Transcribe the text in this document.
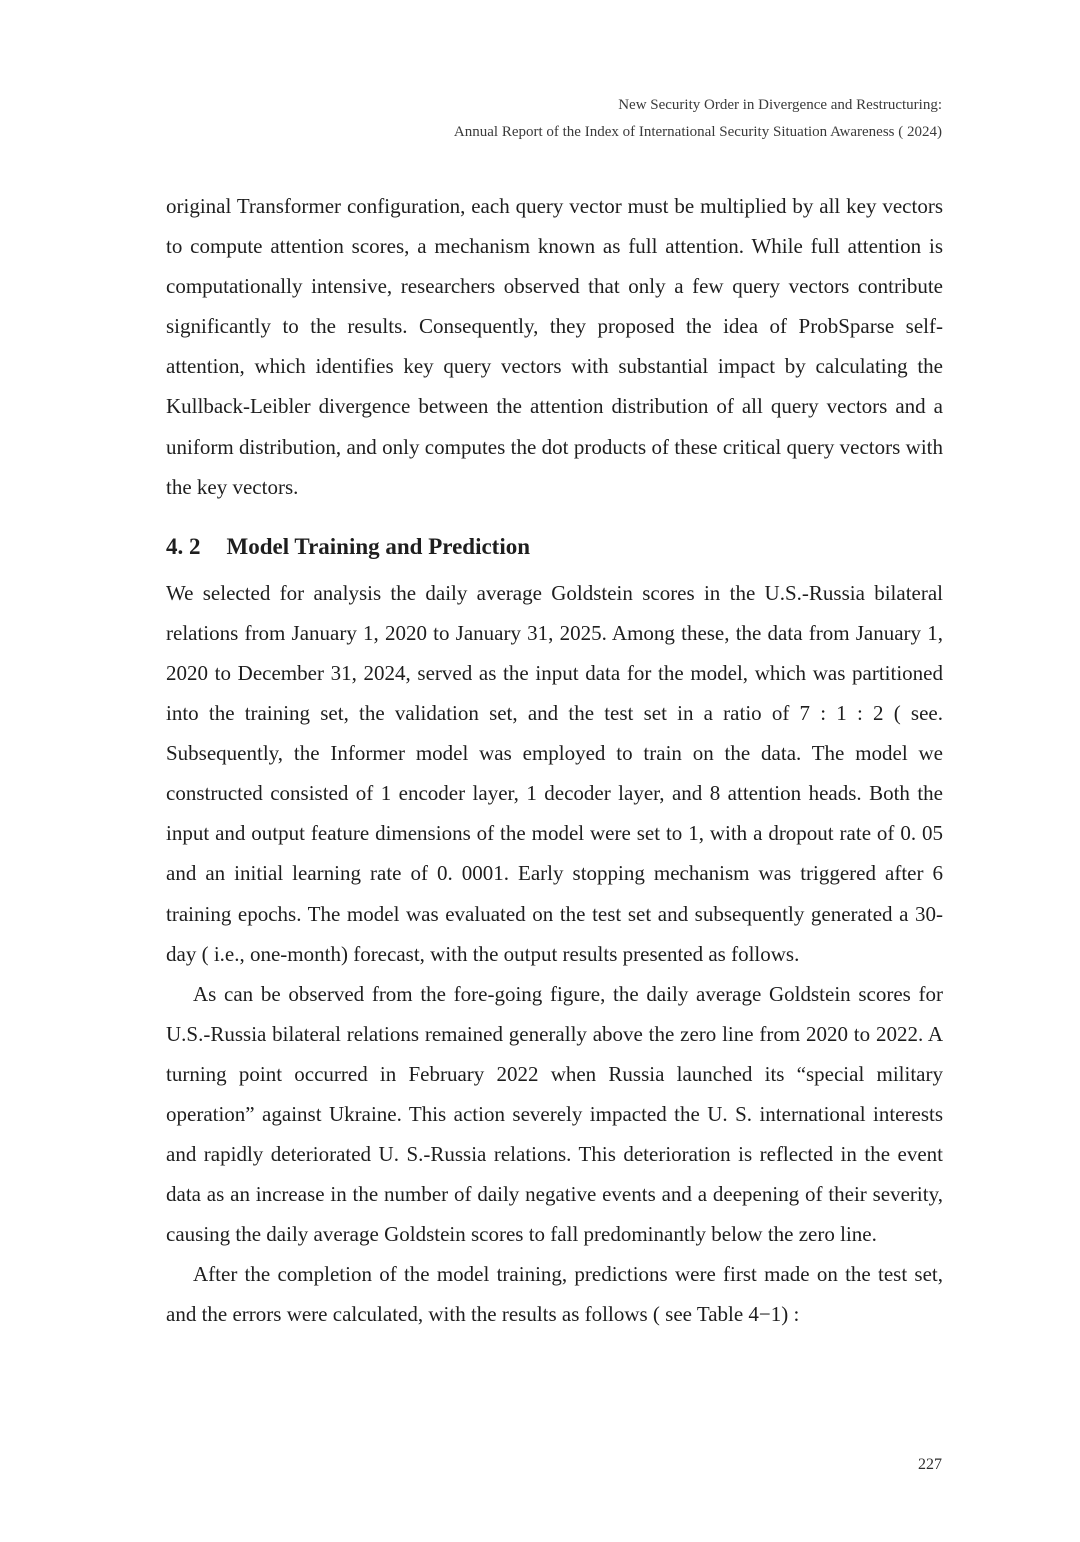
New Security Order in Divergence and Restructuring:
Annual Report of the Index of International Security Situation Awareness ( 2024)

original Transformer configuration, each query vector must be multiplied by all key vectors to compute attention scores, a mechanism known as full attention. While full attention is computationally intensive, researchers observed that only a few query vectors contribute significantly to the results. Consequently, they proposed the idea of ProbSparse self-attention, which identifies key query vectors with substantial impact by calculating the Kullback-Leibler divergence between the attention distribution of all query vectors and a uniform distribution, and only computes the dot products of these critical query vectors with the key vectors.

4. 2 Model Training and Prediction

We selected for analysis the daily average Goldstein scores in the U.S.-Russia bilateral relations from January 1, 2020 to January 31, 2025. Among these, the data from January 1, 2020 to December 31, 2024, served as the input data for the model, which was partitioned into the training set, the validation set, and the test set in a ratio of 7 : 1 : 2 ( see. Subsequently, the Informer model was employed to train on the data. The model we constructed consisted of 1 encoder layer, 1 decoder layer, and 8 attention heads. Both the input and output feature dimensions of the model were set to 1, with a dropout rate of 0. 05 and an initial learning rate of 0. 0001. Early stopping mechanism was triggered after 6 training epochs. The model was evaluated on the test set and subsequently generated a 30-day ( i.e., one-month) forecast, with the output results presented as follows.

As can be observed from the fore-going figure, the daily average Goldstein scores for U.S.-Russia bilateral relations remained generally above the zero line from 2020 to 2022. A turning point occurred in February 2022 when Russia launched its “special military operation” against Ukraine. This action severely impacted the U. S. international interests and rapidly deteriorated U. S.-Russia relations. This deterioration is reflected in the event data as an increase in the number of daily negative events and a deepening of their severity, causing the daily average Goldstein scores to fall predominantly below the zero line.

After the completion of the model training, predictions were first made on the test set, and the errors were calculated, with the results as follows ( see Table 4−1) :

227
